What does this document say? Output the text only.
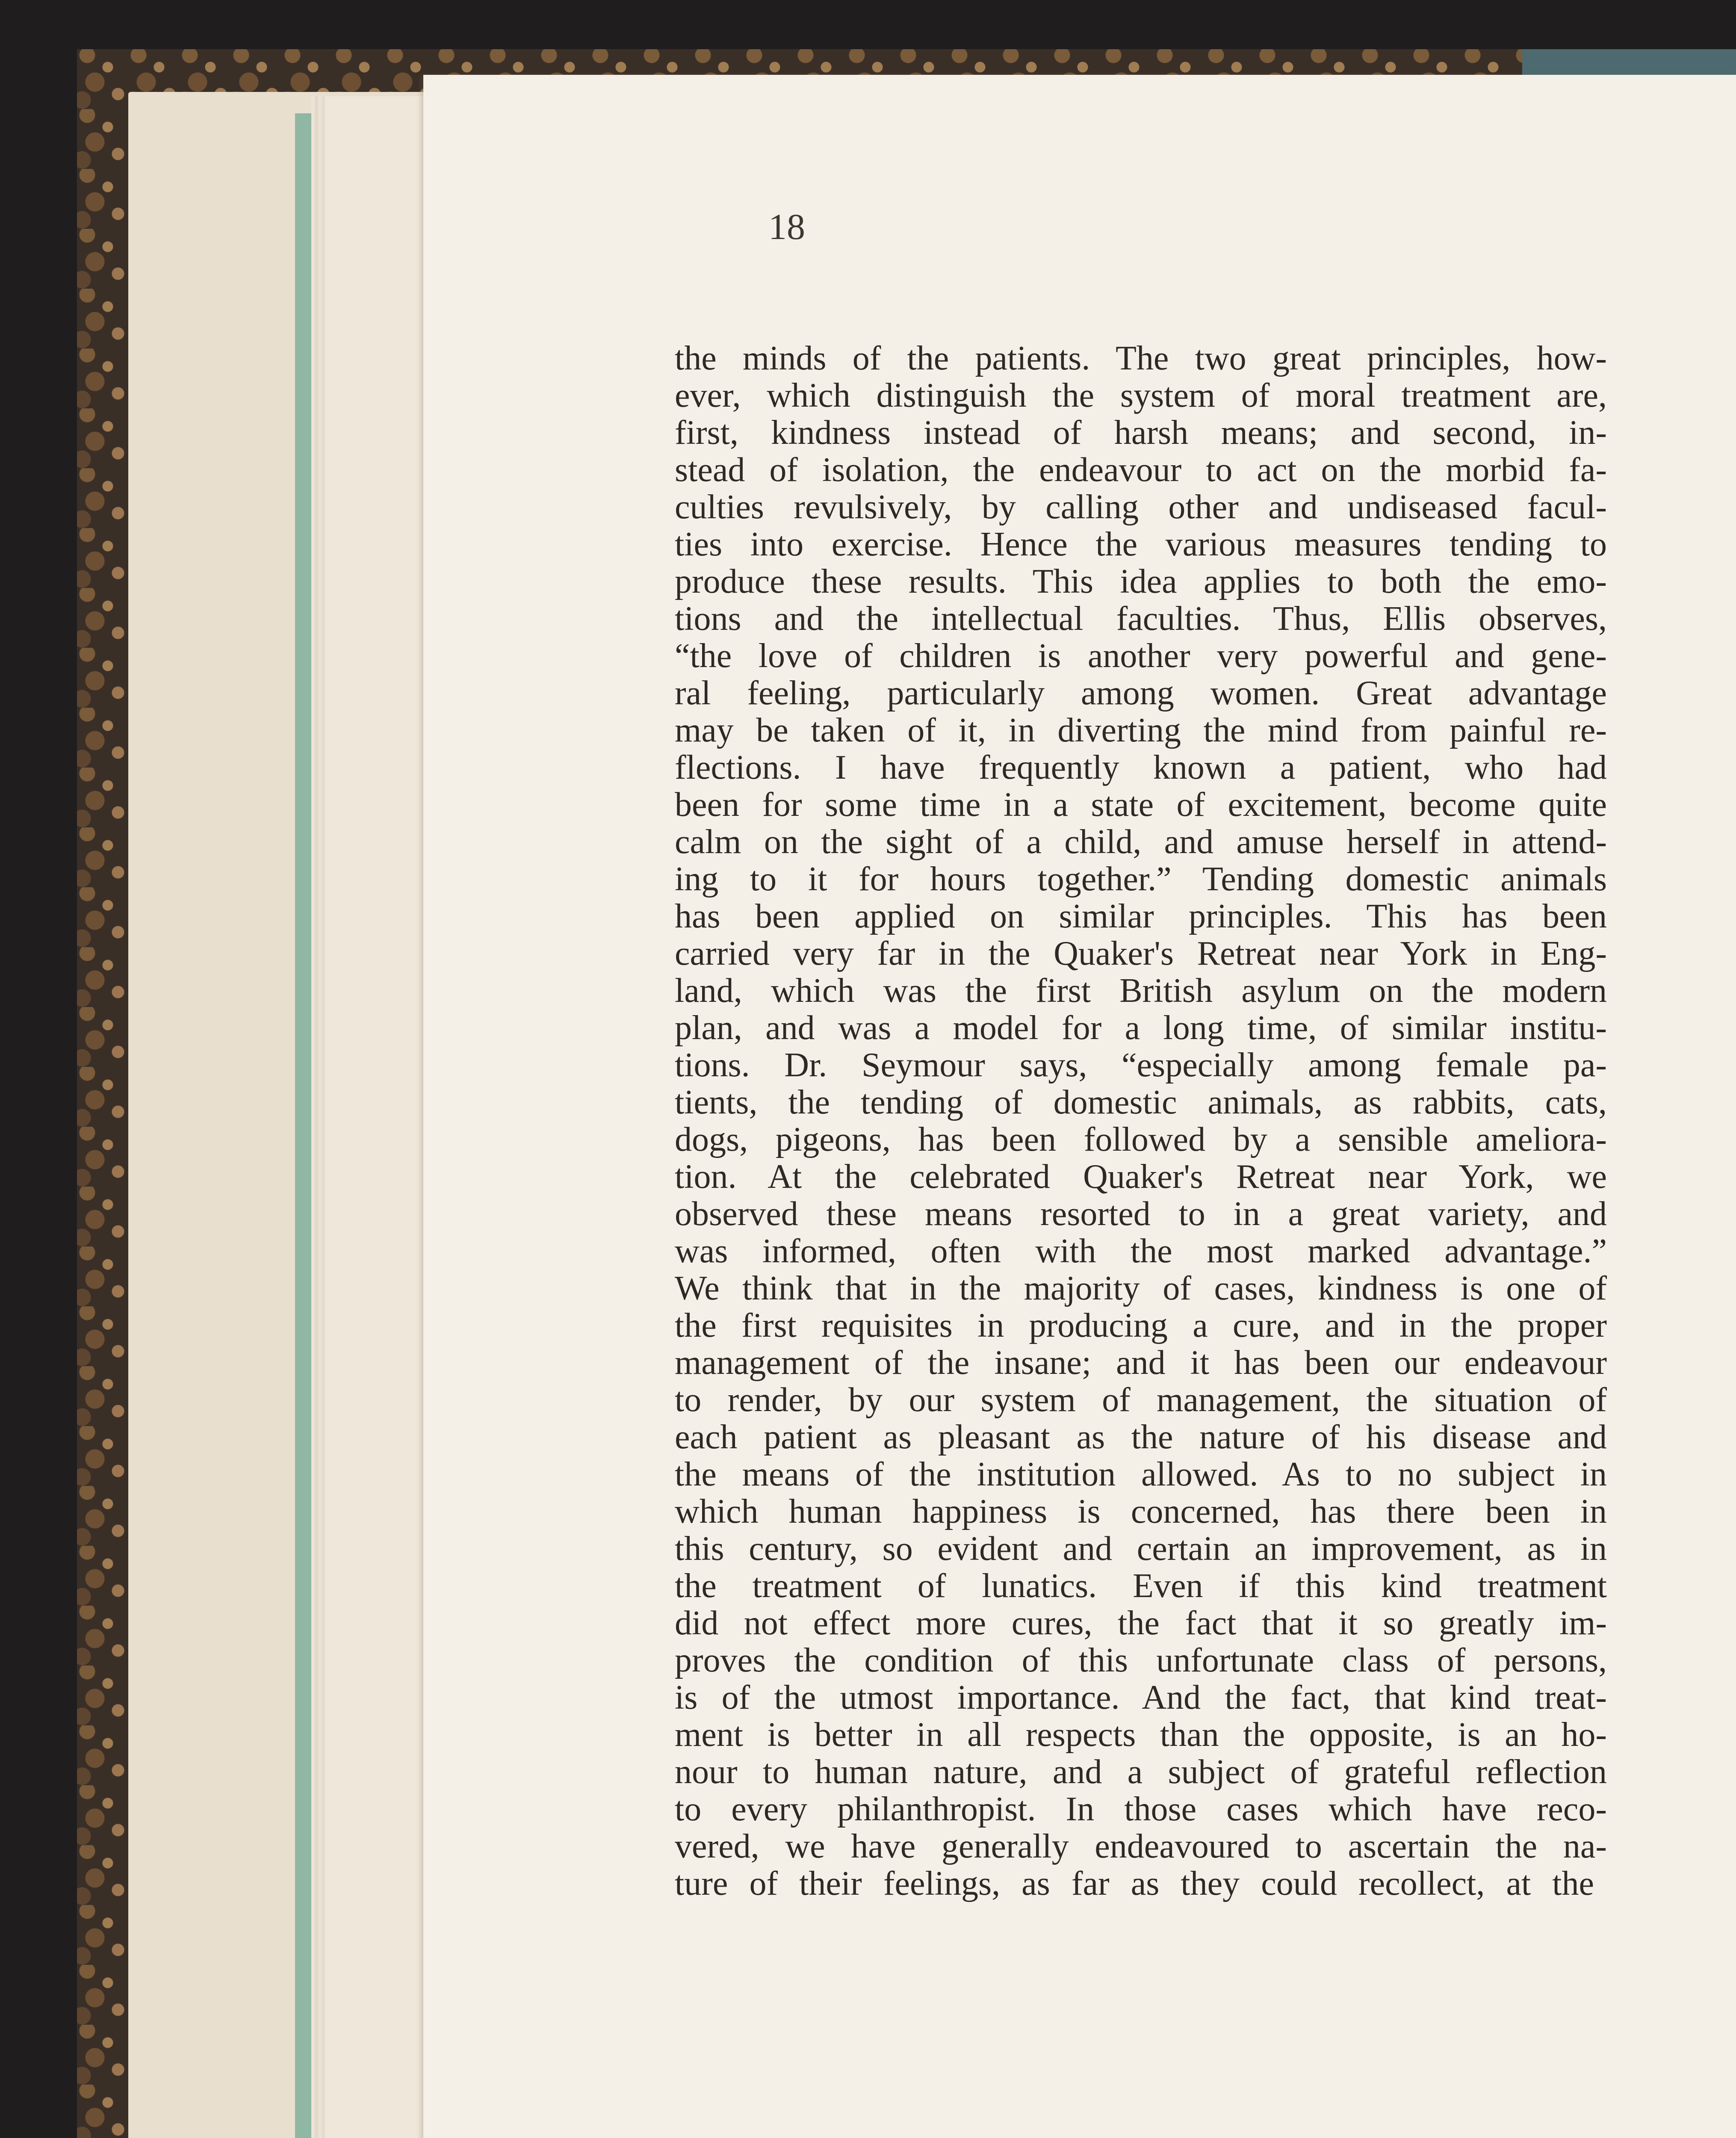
18
the minds of the patients. The two great principles, how-
ever, which distinguish the system of moral treatment are,
first, kindness instead of harsh means; and second, in-
stead of isolation, the endeavour to act on the morbid fa-
culties revulsively, by calling other and undiseased facul-
ties into exercise. Hence the various measures tending to
produce these results. This idea applies to both the emo-
tions and the intellectual faculties. Thus, Ellis observes,
“the love of children is another very powerful and gene-
ral feeling, particularly among women. Great advantage
may be taken of it, in diverting the mind from painful re-
flections. I have frequently known a patient, who had
been for some time in a state of excitement, become quite
calm on the sight of a child, and amuse herself in attend-
ing to it for hours together.” Tending domestic animals
has been applied on similar principles. This has been
carried very far in the Quaker's Retreat near York in Eng-
land, which was the first British asylum on the modern
plan, and was a model for a long time, of similar institu-
tions. Dr. Seymour says, “especially among female pa-
tients, the tending of domestic animals, as rabbits, cats,
dogs, pigeons, has been followed by a sensible ameliora-
tion. At the celebrated Quaker's Retreat near York, we
observed these means resorted to in a great variety, and
was informed, often with the most marked advantage.”
We think that in the majority of cases, kindness is one of
the first requisites in producing a cure, and in the proper
management of the insane; and it has been our endeavour
to render, by our system of management, the situation of
each patient as pleasant as the nature of his disease and
the means of the institution allowed. As to no subject in
which human happiness is concerned, has there been in
this century, so evident and certain an improvement, as in
the treatment of lunatics. Even if this kind treatment
did not effect more cures, the fact that it so greatly im-
proves the condition of this unfortunate class of persons,
is of the utmost importance. And the fact, that kind treat-
ment is better in all respects than the opposite, is an ho-
nour to human nature, and a subject of grateful reflection
to every philanthropist. In those cases which have reco-
vered, we have generally endeavoured to ascertain the na-
ture of their feelings, as far as they could recollect, at the
